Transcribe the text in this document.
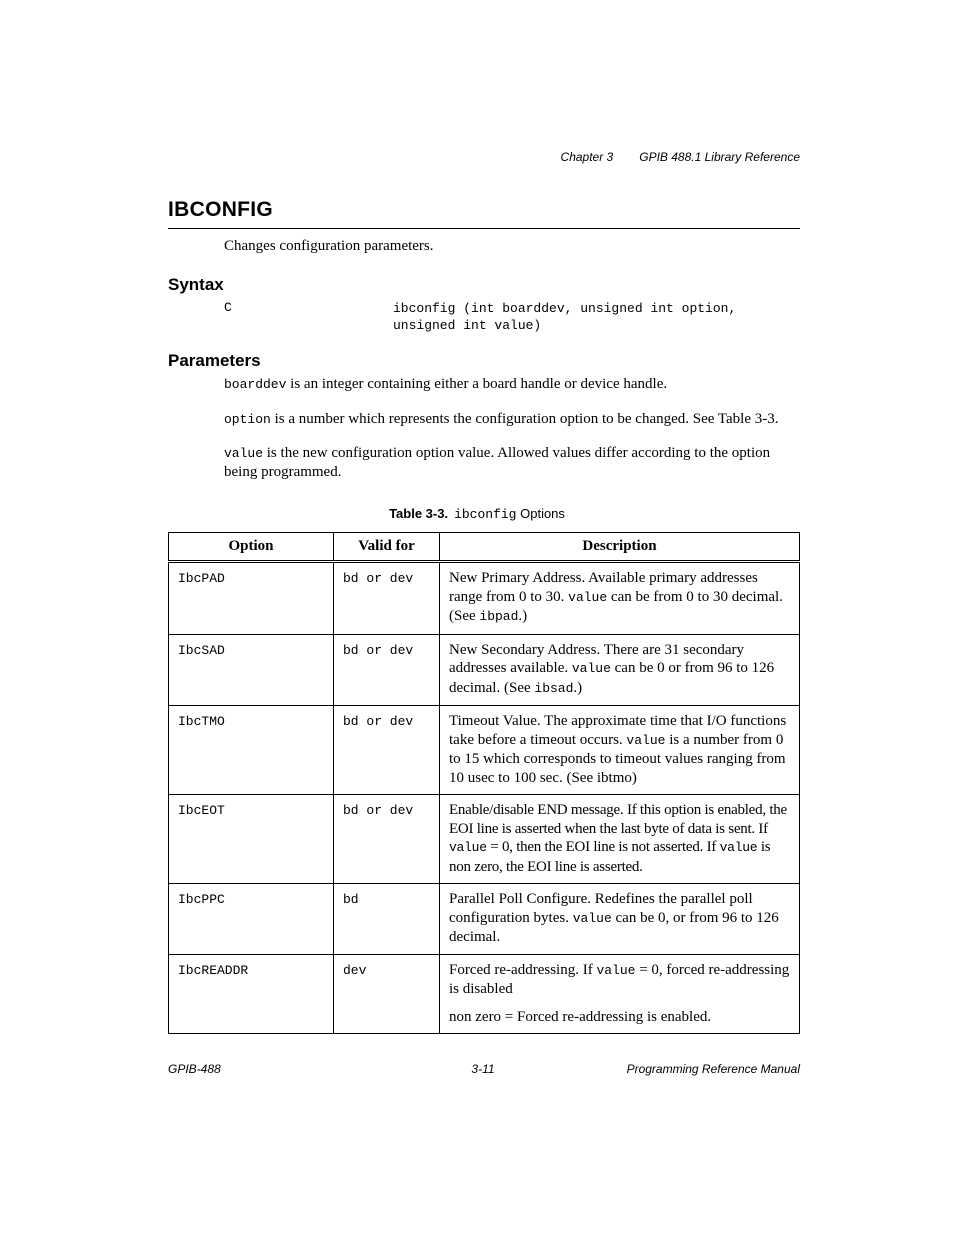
Chapter 3 GPIB 488.1 Library Reference
IBCONFIG
Changes configuration parameters.
Syntax
C	ibconfig (int boarddev, unsigned int option,
unsigned int value)
Parameters
boarddev is an integer containing either a board handle or device handle.
option is a number which represents the configuration option to be changed. See Table 3-3.
value is the new configuration option value. Allowed values differ according to the option being programmed.
Table 3-3. ibconfig Options
Option	Valid for	Description
IbcPAD	bd or dev	New Primary Address. Available primary addresses range from 0 to 30. value can be from 0 to 30 decimal. (See ibpad.)
IbcSAD	bd or dev	New Secondary Address. There are 31 secondary addresses available. value can be 0 or from 96 to 126 decimal. (See ibsad.)
IbcTMO	bd or dev	Timeout Value. The approximate time that I/O functions take before a timeout occurs. value is a number from 0 to 15 which corresponds to timeout values ranging from 10 usec to 100 sec. (See ibtmo)
IbcEOT	bd or dev	Enable/disable END message. If this option is enabled, the EOI line is asserted when the last byte of data is sent. If value = 0, then the EOI line is not asserted. If value is non zero, the EOI line is asserted.
IbcPPC	bd	Parallel Poll Configure. Redefines the parallel poll configuration bytes. value can be 0, or from 96 to 126 decimal.
IbcREADDR	dev	Forced re-addressing. If value = 0, forced re-addressing is disabled
non zero = Forced re-addressing is enabled.
GPIB-488	3-11	Programming Reference Manual
